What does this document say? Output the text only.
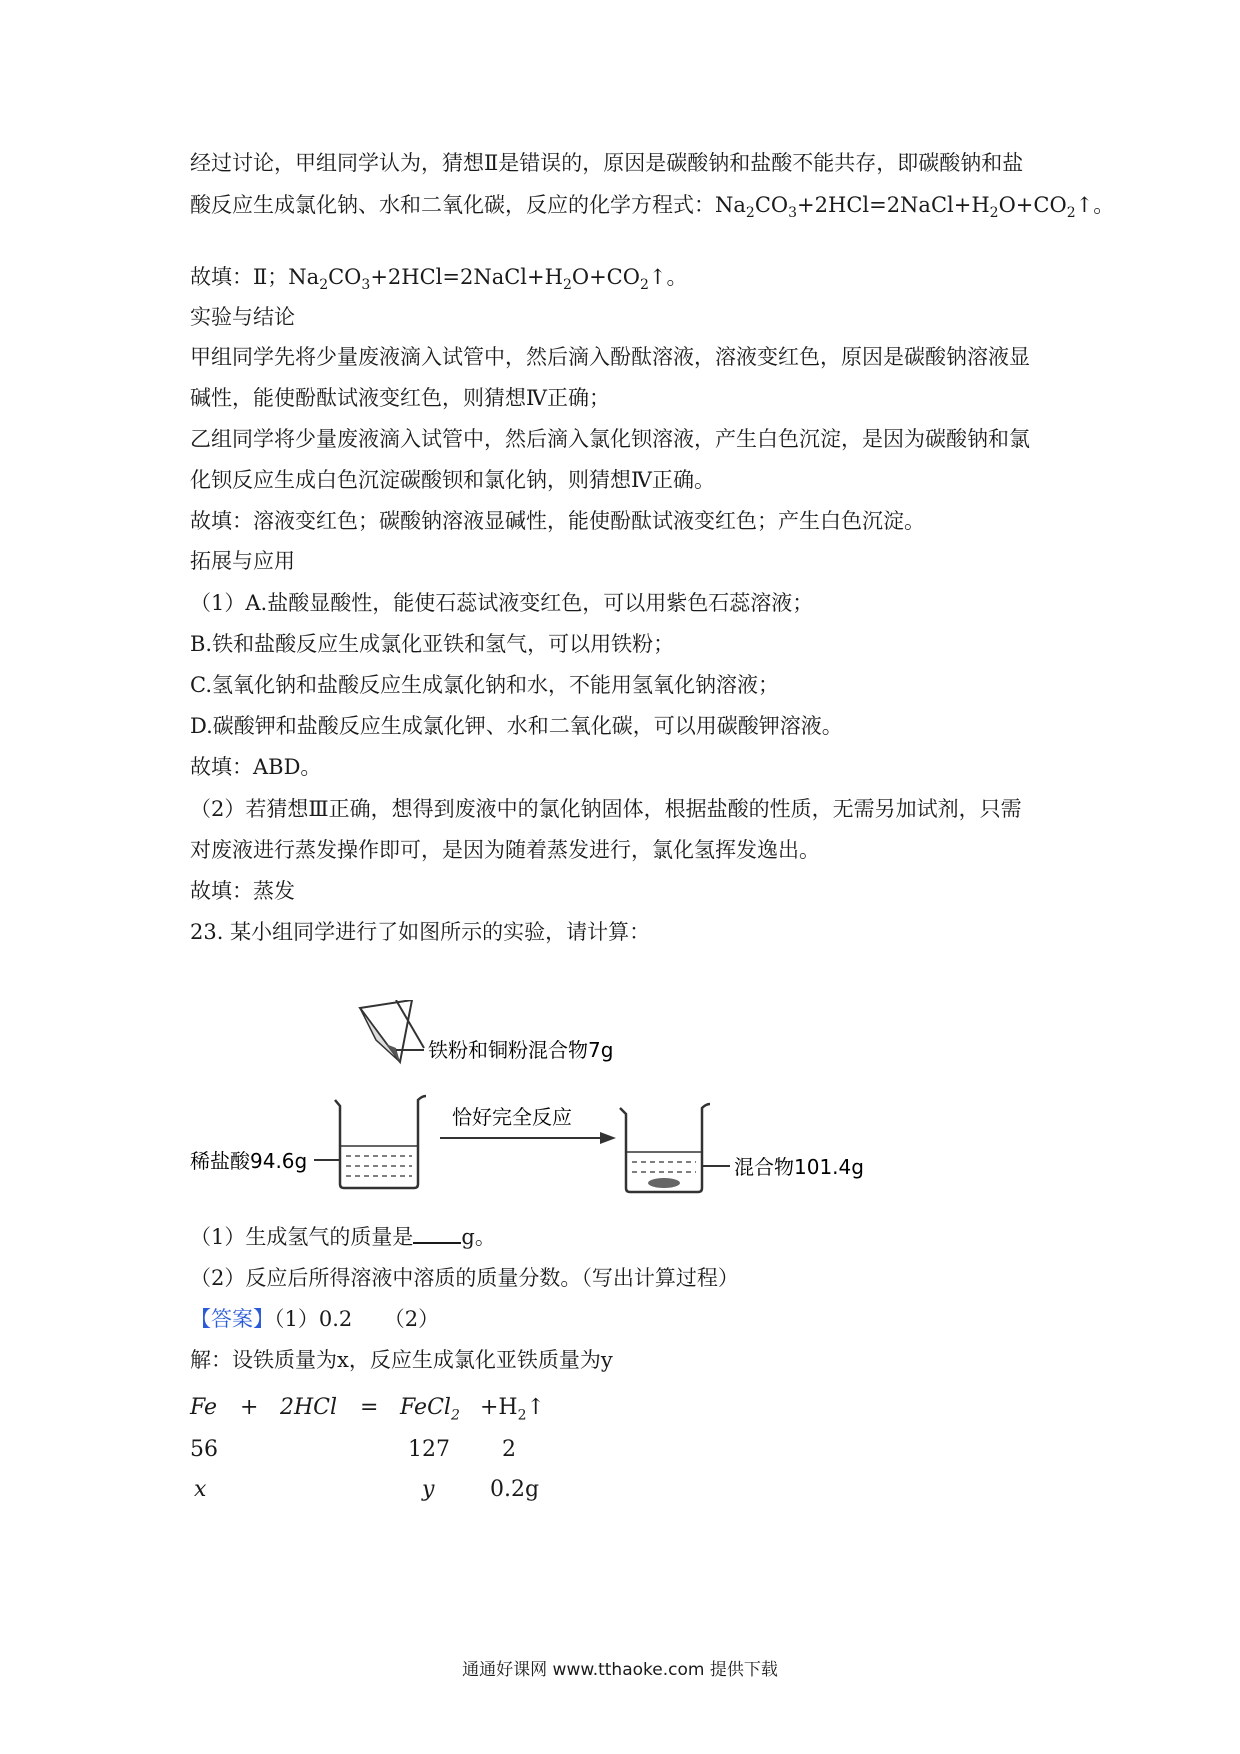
经过讨论，甲组同学认为，猜想Ⅱ是错误的，原因是碳酸钠和盐酸不能共存，即碳酸钠和盐

酸反应生成氯化钠、水和二氧化碳，反应的化学方程式：$Na_2CO_3+2HCl=2NaCl+H_2O+CO_2↑$。

故填：Ⅱ；$Na_2CO_3+2HCl=2NaCl+H_2O+CO_2↑$。

实验与结论

甲组同学先将少量废液滴入试管中，然后滴入酚酞溶液，溶液变红色，原因是碳酸钠溶液显

碱性，能使酚酞试液变红色，则猜想Ⅳ正确；

乙组同学将少量废液滴入试管中，然后滴入氯化钡溶液，产生白色沉淀，是因为碳酸钠和氯

化钡反应生成白色沉淀碳酸钡和氯化钠，则猜想Ⅳ正确。

故填：溶液变红色；碳酸钠溶液显碱性，能使酚酞试液变红色；产生白色沉淀。

拓展与应用

（1）A.盐酸显酸性，能使石蕊试液变红色，可以用紫色石蕊溶液；

B.铁和盐酸反应生成氯化亚铁和氢气，可以用铁粉；

C.氢氧化钠和盐酸反应生成氯化钠和水，不能用氢氧化钠溶液；

D.碳酸钾和盐酸反应生成氯化钾、水和二氧化碳，可以用碳酸钾溶液。

故填：ABD。

（2）若猜想Ⅲ正确，想得到废液中的氯化钠固体，根据盐酸的性质，无需另加试剂，只需

对废液进行蒸发操作即可，是因为随着蒸发进行，氯化氢挥发逸出。

故填：蒸发

23. 某小组同学进行了如图所示的实验，请计算：

铁粉和铜粉混合物7g
稀盐酸94.6g
恰好完全反应
混合物101.4g

（1）生成氢气的质量是 g。

（2）反应后所得溶液中溶质的质量分数。（写出计算过程）

【答案】（1）0.2　　（2）

解：设铁质量为x，反应生成氯化亚铁质量为y

Fe + 2HCl = FeCl$_2$ $+H_2↑$
56	127 2
x	y	0.2g
通通好课网 www.tthaoke.com 提供下载
